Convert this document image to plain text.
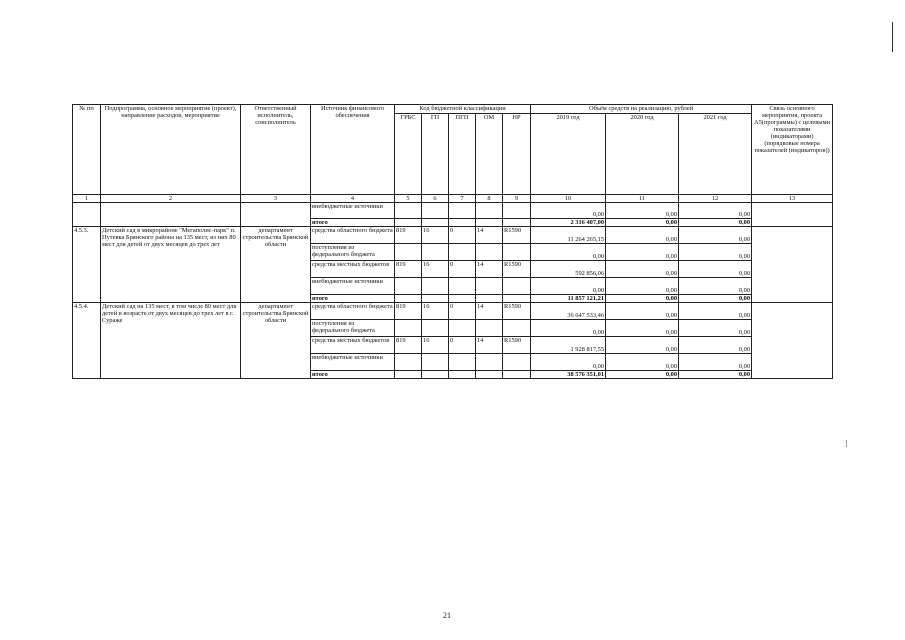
№ пп	Подпрограмма, основное мероприятие (проект), направление расходов, мероприятие	Ответственный исполнитель, соисполнитель	Источник финансового обеспечения	Код бюджетной классификации					Объём средств на реализацию, рублей			Связь основного мероприятия, проекта А5(программы) с целевыми показателями (индикаторами) (порядковые номера показателей (индикаторов))
				ГРБС	ГП	ПГП	ОМ	НР	2019 год	2020 год	2021 год	
1	2	3	4	5	6	7	8	9	10	11	12	13
			внебюджетные источники						0,00	0,00	0,00	
			итого						2 316 407,00	0,00	0,00	
4.5.3.	Детский сад в микрорайоне "Мегаполис-парк" п. Путевка Брянского района на 135 мест, из них 80 мест для детей от двух месяцев до трех лет	департамент строительства Брянской области	средства областного бюджета	819	16	0	14	R1590	11 264 265,15	0,00	0,00	
			поступления из федерального бюджета						0,00	0,00	0,00	
			средства местных бюджетов	819	16	0	14	R1590	592 856,06	0,00	0,00	
			внебюджетные источники						0,00	0,00	0,00	
			итого						11 857 121,21	0,00	0,00	
4.5.4.	Детский сад на 135 мест, в том числе 80 мест для детей в возрасте от двух месяцев до трех лет в г. Сураже	департамент строительства Брянской области	средства областного бюджета	819	16	0	14	R1590	36 647 533,46	0,00	0,00	
			поступления из федерального бюджета						0,00	0,00	0,00	
			средства местных бюджетов	819	16	0	14	R1590	1 928 817,55	0,00	0,00	
			внебюджетные источники						0,00	0,00	0,00	
			итого						38 576 351,01	0,00	0,00	
21
